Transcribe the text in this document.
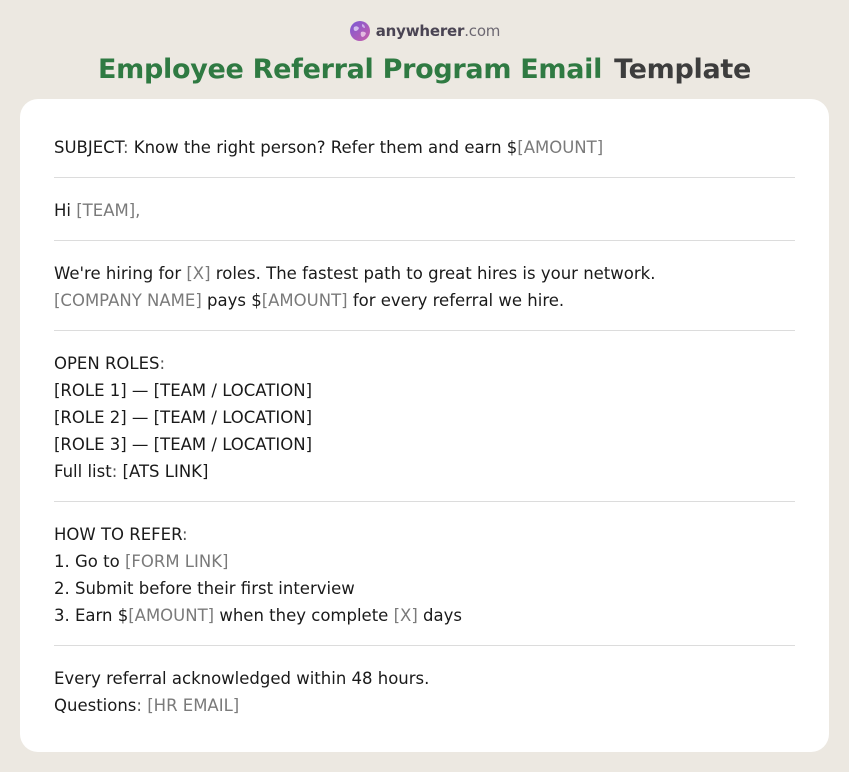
anywherer.com
Employee Referral Program Email Template
SUBJECT: Know the right person? Refer them and earn $[AMOUNT]
Hi [TEAM],
We're hiring for [X] roles. The fastest path to great hires is your network.
[COMPANY NAME] pays $[AMOUNT] for every referral we hire.
OPEN ROLES:
[ROLE 1] — [TEAM / LOCATION]
[ROLE 2] — [TEAM / LOCATION]
[ROLE 3] — [TEAM / LOCATION]
Full list: [ATS LINK]
HOW TO REFER:
1. Go to [FORM LINK]
2. Submit before their first interview
3. Earn $[AMOUNT] when they complete [X] days
Every referral acknowledged within 48 hours.
Questions: [HR EMAIL]
